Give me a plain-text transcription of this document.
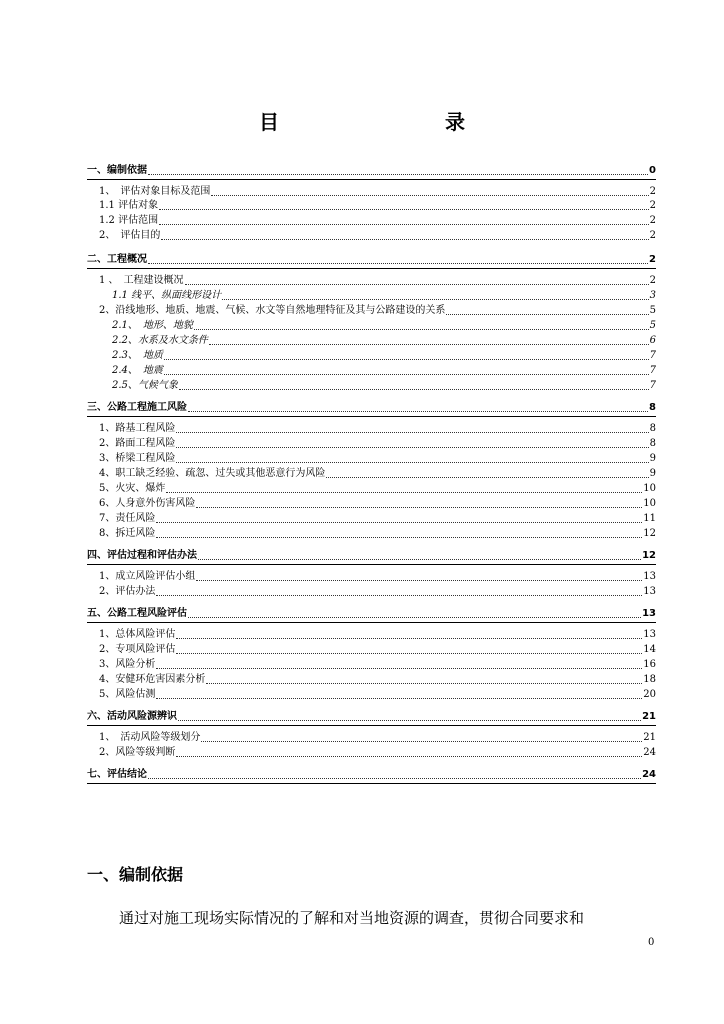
目　　录
一、编制依据	0
1、　评估对象目标及范围	2
1.1 评估对象	2
1.2 评估范围	2
2、　评估目的	2
二、工程概况	2
1 、　工程建设概况	2
1.1 线平、纵面线形设计	3
2、沿线地形、地质、地震、气候、水文等自然地理特征及其与公路建设的关系	5
2.1、　地形、地貌	5
2.2、水系及水文条件	6
2.3、　地质	7
2.4、　地震	7
2.5、气候气象	7
三、公路工程施工风险	8
1、路基工程风险	8
2、路面工程风险	8
3、桥梁工程风险	9
4、职工缺乏经验、疏忽、过失或其他恶意行为风险	9
5、火灾、爆炸	10
6、人身意外伤害风险	10
7、责任风险	11
8、拆迁风险	12
四、评估过程和评估办法	12
1、成立风险评估小组	13
2、评估办法	13
五、公路工程风险评估	13
1、总体风险评估	13
2、专项风险评估	14
3、风险分析	16
4、安健环危害因素分析	18
5、风险估测	20
六、活动风险源辨识	21
1、　活动风险等级划分	21
2、风险等级判断	24
七、评估结论	24
一、编制依据
通过对施工现场实际情况的了解和对当地资源的调查，贯彻合同要求和
0
